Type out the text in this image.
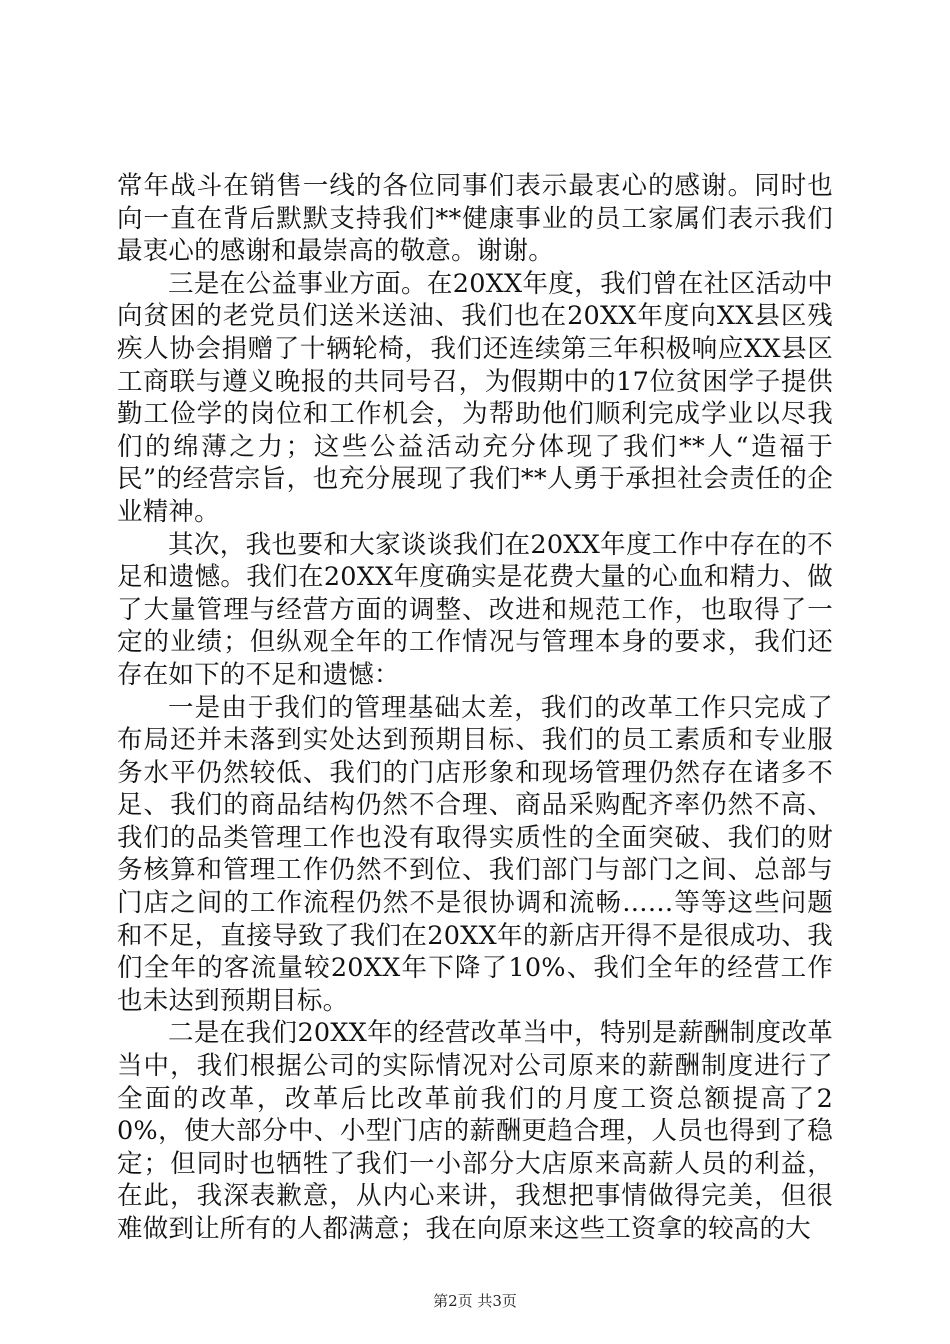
常年战斗在销售一线的各位同事们表示最衷心的感谢。同时也向一直在背后默默支持我们**健康事业的员工家属们表示我们最衷心的感谢和最崇高的敬意。谢谢。

三是在公益事业方面。在20XX年度，我们曾在社区活动中向贫困的老党员们送米送油、我们也在20XX年度向XX县区残疾人协会捐赠了十辆轮椅，我们还连续第三年积极响应XX县区工商联与遵义晚报的共同号召，为假期中的17位贫困学子提供勤工俭学的岗位和工作机会，为帮助他们顺利完成学业以尽我们的绵薄之力；这些公益活动充分体现了我们**人“造福于民”的经营宗旨，也充分展现了我们**人勇于承担社会责任的企业精神。

其次，我也要和大家谈谈我们在20XX年度工作中存在的不足和遗憾。我们在20XX年度确实是花费大量的心血和精力、做了大量管理与经营方面的调整、改进和规范工作，也取得了一定的业绩；但纵观全年的工作情况与管理本身的要求，我们还存在如下的不足和遗憾：

一是由于我们的管理基础太差，我们的改革工作只完成了布局还并未落到实处达到预期目标、我们的员工素质和专业服务水平仍然较低、我们的门店形象和现场管理仍然存在诸多不足、我们的商品结构仍然不合理、商品采购配齐率仍然不高、我们的品类管理工作也没有取得实质性的全面突破、我们的财务核算和管理工作仍然不到位、我们部门与部门之间、总部与门店之间的工作流程仍然不是很协调和流畅……等等这些问题和不足，直接导致了我们在20XX年的新店开得不是很成功、我们全年的客流量较20XX年下降了10%、我们全年的经营工作也未达到预期目标。

二是在我们20XX年的经营改革当中，特别是薪酬制度改革当中，我们根据公司的实际情况对公司原来的薪酬制度进行了全面的改革，改革后比改革前我们的月度工资总额提高了20%，使大部分中、小型门店的薪酬更趋合理，人员也得到了稳定；但同时也牺牲了我们一小部分大店原来高薪人员的利益，在此，我深表歉意，从内心来讲，我想把事情做得完美，但很难做到让所有的人都满意；我在向原来这些工资拿的较高的大

第2页 共3页
